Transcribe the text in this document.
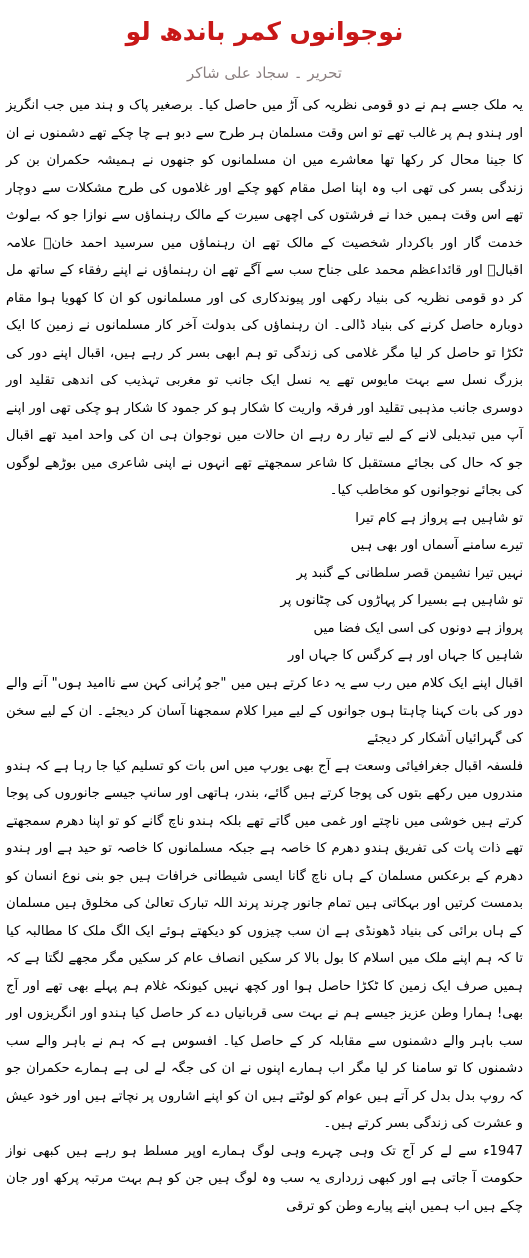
نوجوانوں کمر باندھ لو
تحریر ۔ سجاد علی شاکر

یہ ملک جسے ہم نے دو قومی نظریہ کی آڑ میں حاصل کیا۔ برصغیر پاک و ہند میں جب انگریز اور ہندو ہم پر غالب تھے تو اس وقت مسلمان ہر طرح سے دبو ہے چا چکے تھے دشمنوں نے ان کا جینا محال کر رکھا تھا معاشرے میں ان مسلمانوں کو جنھوں نے ہمیشہ حکمران بن کر زندگی بسر کی تھی اب وہ اپنا اصل مقام کھو چکے اور غلاموں کی طرح مشکلات سے دوچار تھے اس وقت ہمیں خدا نے فرشتوں کی اچھی سیرت کے مالک رہنماؤں سے نوازا جو کہ بےلوث خدمت گار اور باکردار شخصیت کے مالک تھے ان رہنماؤں میں سرسید احمد خانؒ علامہ اقبالؒ اور قائداعظم محمد علی جناح سب سے آگے تھے ان رہنماؤں نے اپنے رفقاء کے ساتھ مل کر دو قومی نظریہ کی بنیاد رکھی اور پیوندکاری کی اور مسلمانوں کو ان کا کھویا ہوا مقام دوبارہ حاصل کرنے کی بنیاد ڈالی۔ ان رہنماؤں کی بدولت آخر کار مسلمانوں نے زمین کا ایک ٹکڑا تو حاصل کر لیا مگر غلامی کی زندگی تو ہم ابھی بسر کر رہے ہیں، اقبال اپنے دور کی بزرگ نسل سے بہت مایوس تھے یہ نسل ایک جانب تو مغربی تہذیب کی اندھی تقلید اور دوسری جانب مذہبی تقلید اور فرقہ واریت کا شکار ہو کر جمود کا شکار ہو چکی تھی اور اپنے آپ میں تبدیلی لانے کے لیے تیار رہ رہے ان حالات میں نوجوان ہی ان کی واحد امید تھے اقبال جو کہ حال کی بجائے مستقبل کا شاعر سمجھتے تھے انہوں نے اپنی شاعری میں بوڑھے لوگوں کی بجائے نوجوانوں کو مخاطب کیا۔

تو شاہیں ہے پرواز ہے کام تیرا
تیرے سامنے آسماں اور بھی ہیں
نہیں تیرا نشیمن قصر سلطانی کے گنبد پر
تو شاہیں ہے بسیرا کر پہاڑوں کی چٹانوں پر
پرواز ہے دونوں کی اسی ایک فضا میں
شاہیں کا جہاں اور ہے کرگس کا جہاں اور

اقبال اپنے ایک کلام میں رب سے یہ دعا کرتے ہیں میں "جو پُرانی کہن سے ناامید ہوں" آنے والے دور کی بات کہنا چاہتا ہوں جوانوں کے لیے میرا کلام سمجھنا آسان کر دیجئے۔ ان کے لیے سخن کی گہرائیاں آشکار کر دیجئے

فلسفہ اقبال جغرافیائی وسعت ہے آج بھی یورپ میں اس بات کو تسلیم کیا جا رہا ہے کہ ہندو مندروں میں رکھے بتوں کی پوجا کرتے ہیں گائے، بندر، ہاتھی اور سانپ جیسے جانوروں کی پوجا کرتے ہیں خوشی میں ناچتے اور غمی میں گاتے تھے بلکہ ہندو ناچ گانے کو تو اپنا دھرم سمجھتے تھے ذات پات کی تفریق ہندو دھرم کا خاصہ ہے جبکہ مسلمانوں کا خاصہ تو حید ہے اور ہندو دھرم کے برعکس مسلمان کے ہاں ناچ گانا ایسی شیطانی خرافات ہیں جو بنی نوع انسان کو بدمست کرتیں اور بہکاتی ہیں تمام جانور چرند پرند اللہ تبارک تعالیٰ کی مخلوق ہیں مسلمان کے ہاں برائی کی بنیاد ڈھونڈی ہے ان سب چیزوں کو دیکھتے ہوئے ایک الگ ملک کا مطالبہ کیا تا کہ ہم اپنے ملک میں اسلام کا بول بالا کر سکیں انصاف عام کر سکیں مگر مجھے لگتا ہے کہ ہمیں صرف ایک زمین کا ٹکڑا حاصل ہوا اور کچھ نہیں کیونکہ غلام ہم پہلے بھی تھے اور آج بھی! ہمارا وطن عزیز جیسے ہم نے بہت سی قربانیاں دے کر حاصل کیا ہندو اور انگریزوں اور سب باہر والے دشمنوں سے مقابلہ کر کے حاصل کیا۔ افسوس ہے کہ ہم نے باہر والے سب دشمنوں کا تو سامنا کر لیا مگر اب ہمارے اپنوں نے ان کی جگہ لے لی ہے ہمارے حکمران جو کہ روپ بدل بدل کر آتے ہیں عوام کو لوٹتے ہیں ان کو اپنے اشاروں پر نچاتے ہیں اور خود عیش و عشرت کی زندگی بسر کرتے ہیں۔

1947ء سے لے کر آج تک وہی چہرے وہی لوگ ہمارے اوپر مسلط ہو رہے ہیں کبھی نواز حکومت آ جاتی ہے اور کبھی زرداری یہ سب وہ لوگ ہیں جن کو ہم بہت مرتبہ پرکھ اور جان چکے ہیں اب ہمیں اپنے پیارے وطن کو ترقی
